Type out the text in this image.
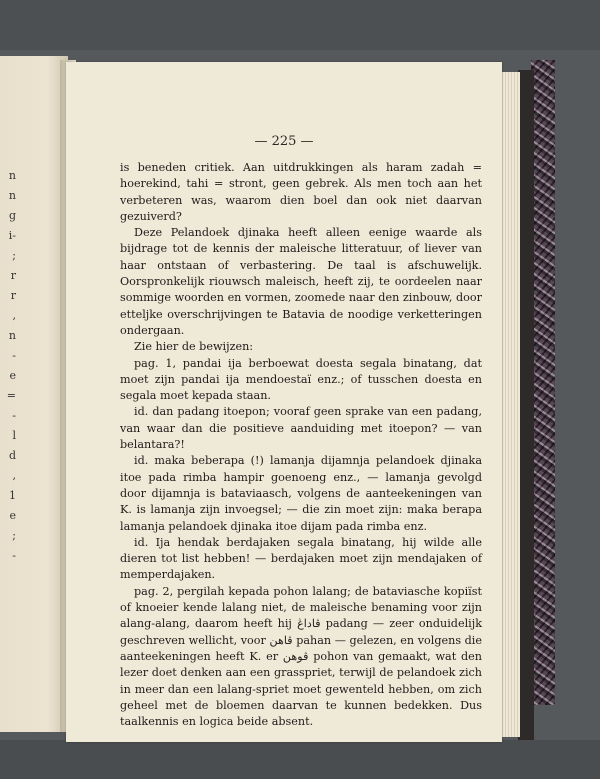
n
n
g
i-
;
r
r
,
n
-
e
=
-
l
d
,
1
e
;
-
— 225 —

is beneden critiek. Aan uitdrukkingen als haram zadah = hoerekind, tahi = stront, geen gebrek. Als men toch aan het verbeteren was, waarom dien boel dan ook niet daarvan gezuiverd?

Deze Pelandoek djinaka heeft alleen eenige waarde als bijdrage tot de kennis der maleische litteratuur, of liever van haar ontstaan of verbastering. De taal is afschuwelijk. Oorspronkelijk riouwsch maleisch, heeft zij, te oordeelen naar sommige woorden en vormen, zoomede naar den zinbouw, door etteljke overschrijvingen te Batavia de noodige verketteringen ondergaan.

Zie hier de bewijzen:

pag. 1, pandai ija berboewat doesta segala binatang, dat moet zijn pandai ija mendoestaï enz.; of tusschen doesta en segala moet kepada staan.

id. dan padang itoepon; vooraf geen sprake van een padang, van waar dan die positieve aanduiding met itoepon? — van belantara?!

id. maka beberapa (!) lamanja dijamnja pelandoek djinaka itoe pada rimba hampir goenoeng enz., — lamanja gevolgd door dijamnja is bataviaasch, volgens de aanteekeningen van K. is lamanja zijn invoegsel; — die zin moet zijn: maka berapa lamanja pelandoek djinaka itoe dijam pada rimba enz.

id. Ija hendak berdajaken segala binatang, hij wilde alle dieren tot list hebben! — berdajaken moet zijn mendajaken of memperdajaken.

pag. 2, pergilah kepada pohon lalang; de bataviasche kopiïst of knoeier kende lalang niet, de maleische benaming voor zijn alang-alang, daarom heeft hij ڤاداڠ padang — zeer onduidelijk geschreven wellicht, voor ڤاهن pahan — gelezen, en volgens die aanteekeningen heeft K. er ڤوهن pohon van gemaakt, wat den lezer doet denken aan een grasspriet, terwijl de pelandoek zich in meer dan een lalang-spriet moet gewenteld hebben, om zich geheel met de bloemen daarvan te kunnen bedekken. Dus taalkennis en logica beide absent.
